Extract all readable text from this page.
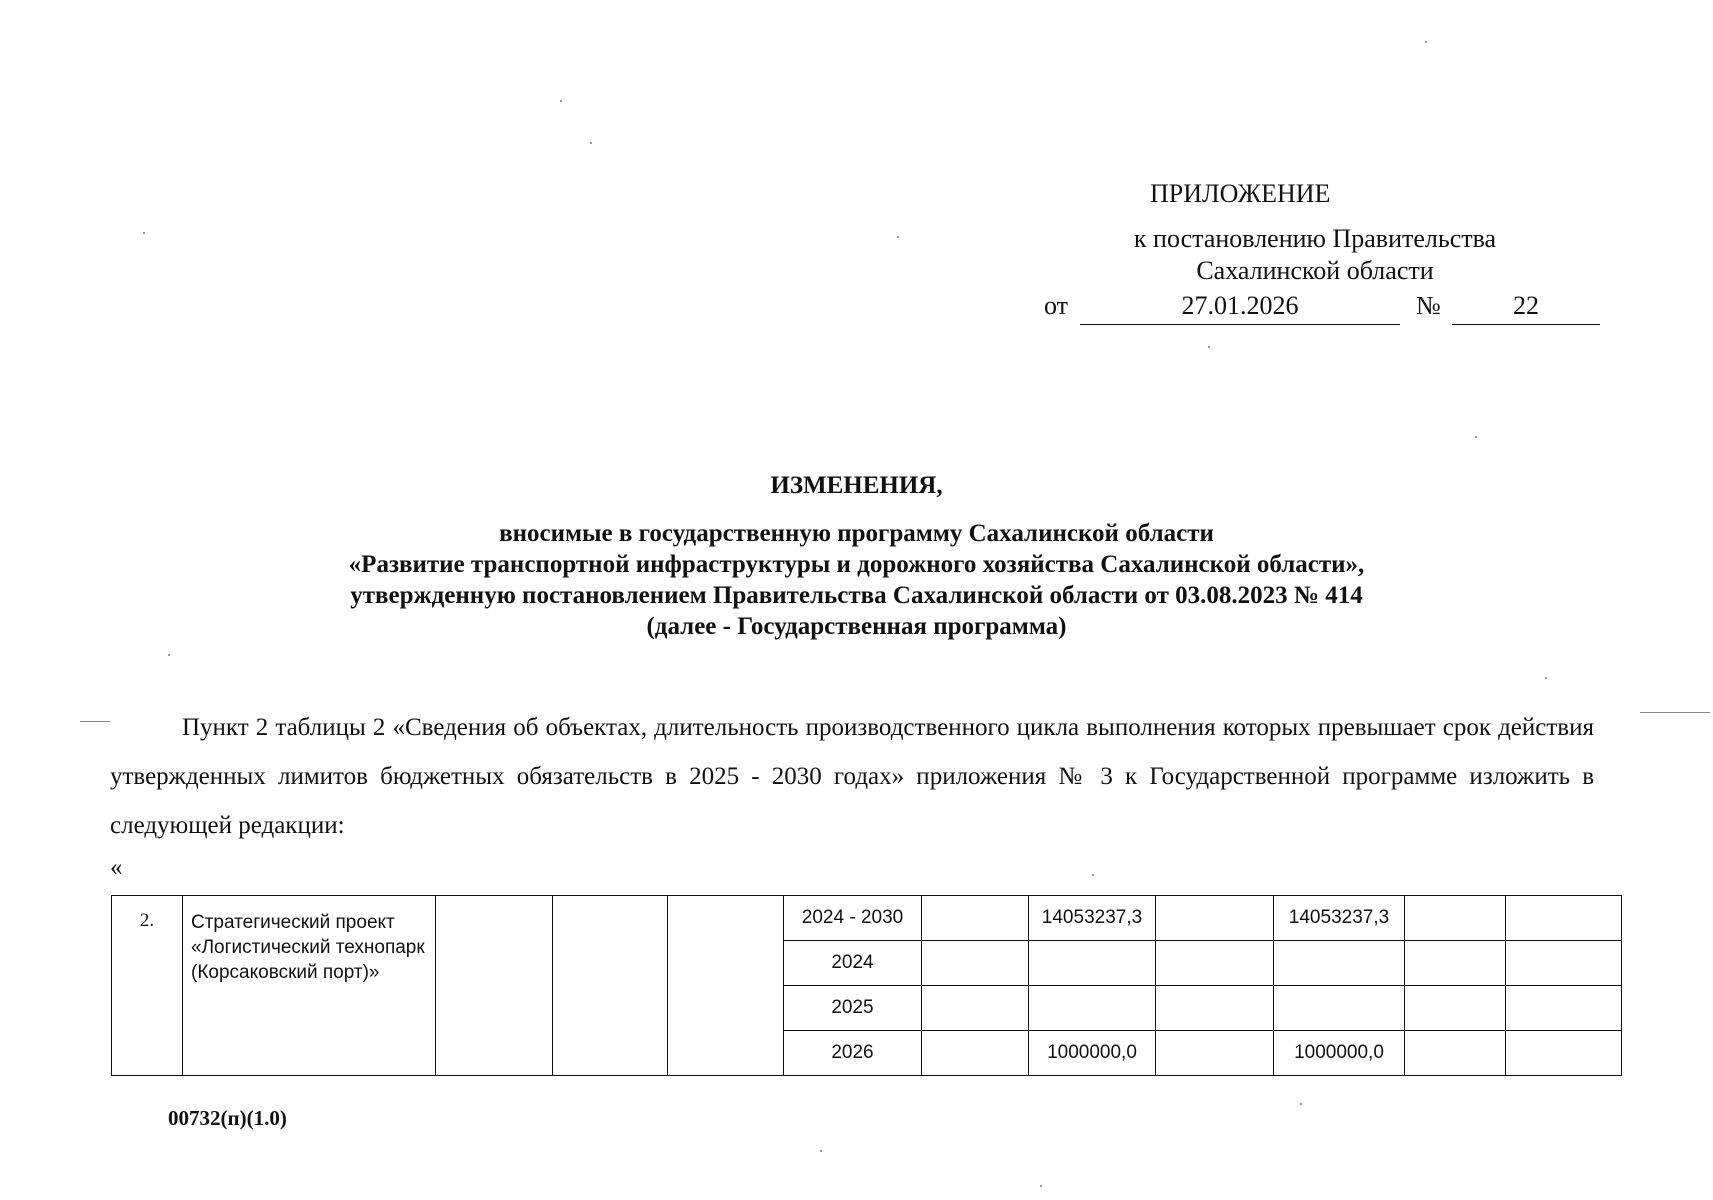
ПРИЛОЖЕНИЕ
к постановлению Правительства
Сахалинской области
от	27.01.2026	№	22
ИЗМЕНЕНИЯ,
вносимые в государственную программу Сахалинской области
«Развитие транспортной инфраструктуры и дорожного хозяйства Сахалинской области»,
утвержденную постановлением Правительства Сахалинской области от 03.08.2023 № 414
(далее - Государственная программа)
Пункт 2 таблицы 2 «Сведения об объектах, длительность производственного цикла выполнения которых превышает срок действия утвержденных лимитов бюджетных обязательств в 2025 - 2030 годах» приложения № 3 к Государственной программе изложить в следующей редакции:
«
2.	Стратегический проект «Логистический технопарк (Корсаковский порт)»				2024 - 2030		14053237,3		14053237,3		
					2024						
					2025						
					2026		1000000,0		1000000,0		
00732(п)(1.0)
